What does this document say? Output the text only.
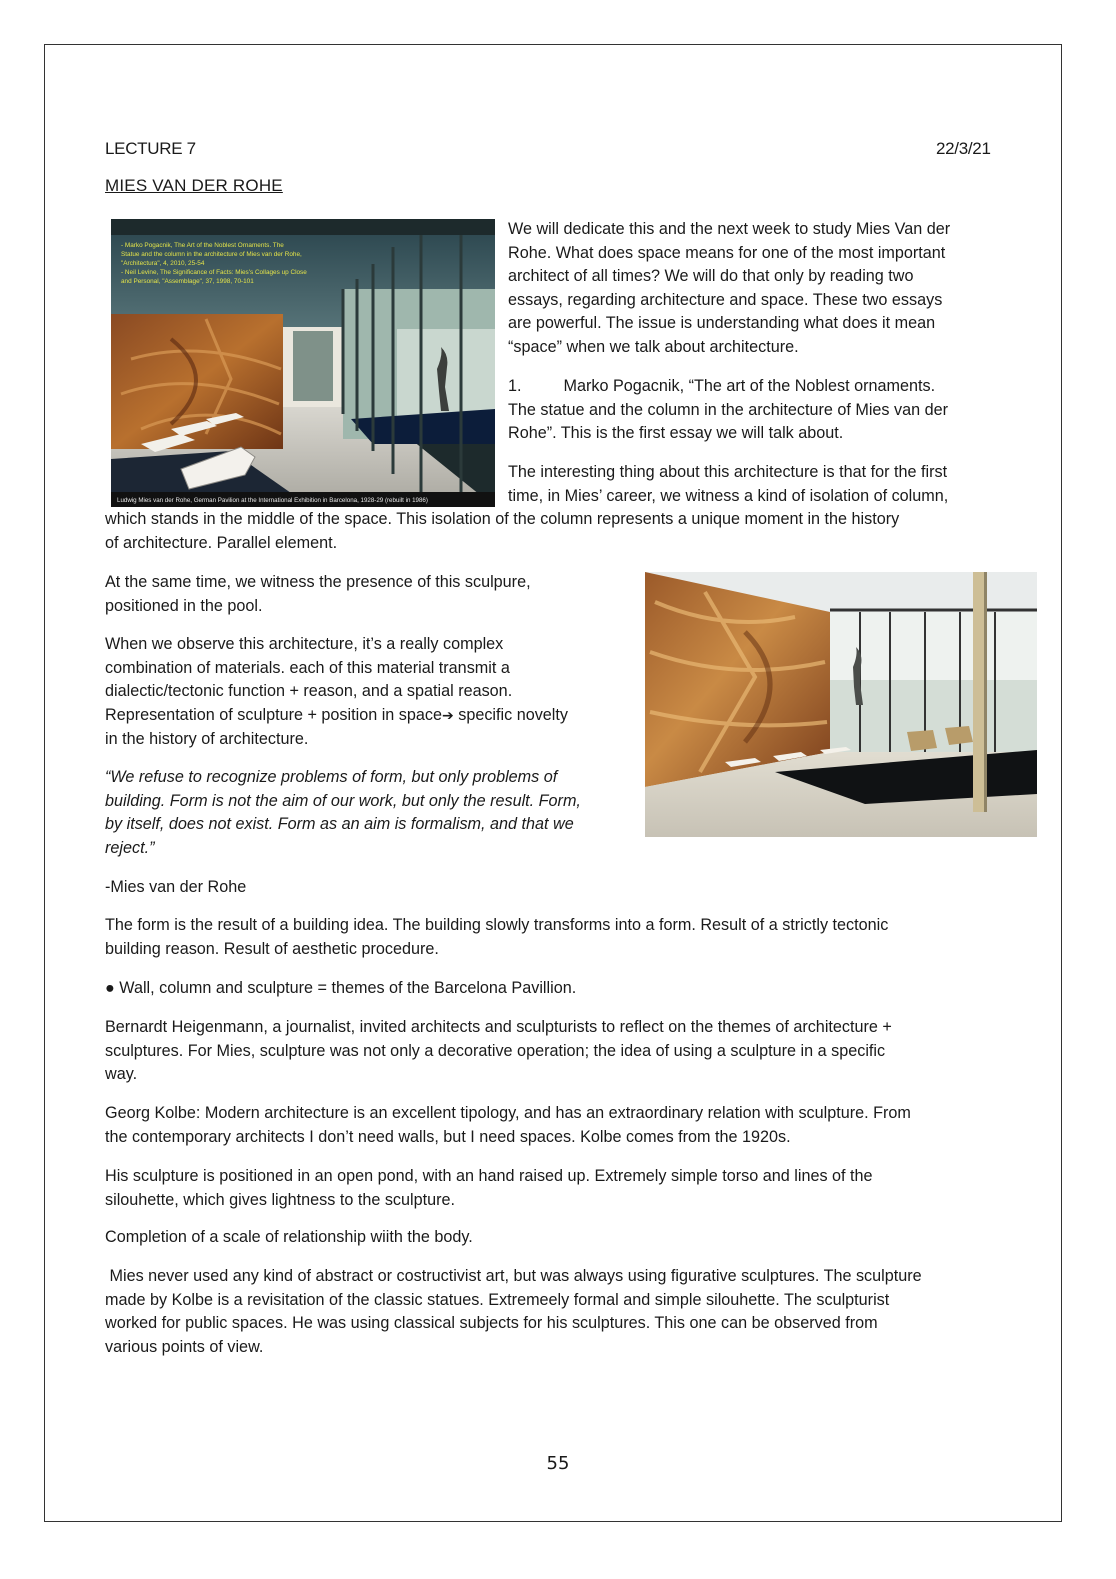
LECTURE 7	22/3/21
MIES VAN DER ROHE
- Marko Pogacnik, The Art of the Noblest Ornaments. The
Statue and the column in the architecture of Mies van der Rohe,
"Architectura", 4, 2010, 25-54
- Neil Levine, The Significance of Facts: Mies's Collages up Close
and Personal, "Assemblage", 37, 1998, 70-101
Ludwig Mies van der Rohe, German Pavilion at the International Exhibition in Barcelona, 1928-29 (rebuilt in 1986)

We will dedicate this and the next week to study Mies Van der
Rohe. What does space means for one of the most important
architect of all times? We will do that only by reading two
essays, regarding architecture and space. These two essays
are powerful. The issue is understanding what does it mean
“space” when we talk about architecture.

1.	Marko Pogacnik, “The art of the Noblest ornaments.
The statue and the column in the architecture of Mies van der
Rohe”. This is the first essay we will talk about.

The interesting thing about this architecture is that for the first
time, in Mies’ career, we witness a kind of isolation of column,

which stands in the middle of the space. This isolation of the column represents a unique moment in the history
of architecture. Parallel element.

At the same time, we witness the presence of this sculpure,
positioned in the pool.

When we observe this architecture, it’s a really complex
combination of materials. each of this material transmit a
dialectic/tectonic function + reason, and a spatial reason.
Representation of sculpture + position in space➔ specific novelty
in the history of architecture.

“We refuse to recognize problems of form, but only problems of
building. Form is not the aim of our work, but only the result. Form,
by itself, does not exist. Form as an aim is formalism, and that we
reject.”

-Mies van der Rohe

The form is the result of a building idea. The building slowly transforms into a form. Result of a strictly tectonic
building reason. Result of aesthetic procedure.

● Wall, column and sculpture = themes of the Barcelona Pavillion.

Bernardt Heigenmann, a journalist, invited architects and sculpturists to reflect on the themes of architecture +
sculptures. For Mies, sculpture was not only a decorative operation; the idea of using a sculpture in a specific
way.

Georg Kolbe: Modern architecture is an excellent tipology, and has an extraordinary relation with sculpture. From
the contemporary architects I don’t need walls, but I need spaces. Kolbe comes from the 1920s.

His sculpture is positioned in an open pond, with an hand raised up. Extremely simple torso and lines of the
silouhette, which gives lightness to the sculpture.

Completion of a scale of relationship wiith the body.

Mies never used any kind of abstract or costructivist art, but was always using figurative sculptures. The sculpture
made by Kolbe is a revisitation of the classic statues. Extremeely formal and simple silouhette. The sculpturist
worked for public spaces. He was using classical subjects for his sculptures. This one can be observed from
various points of view.

55
